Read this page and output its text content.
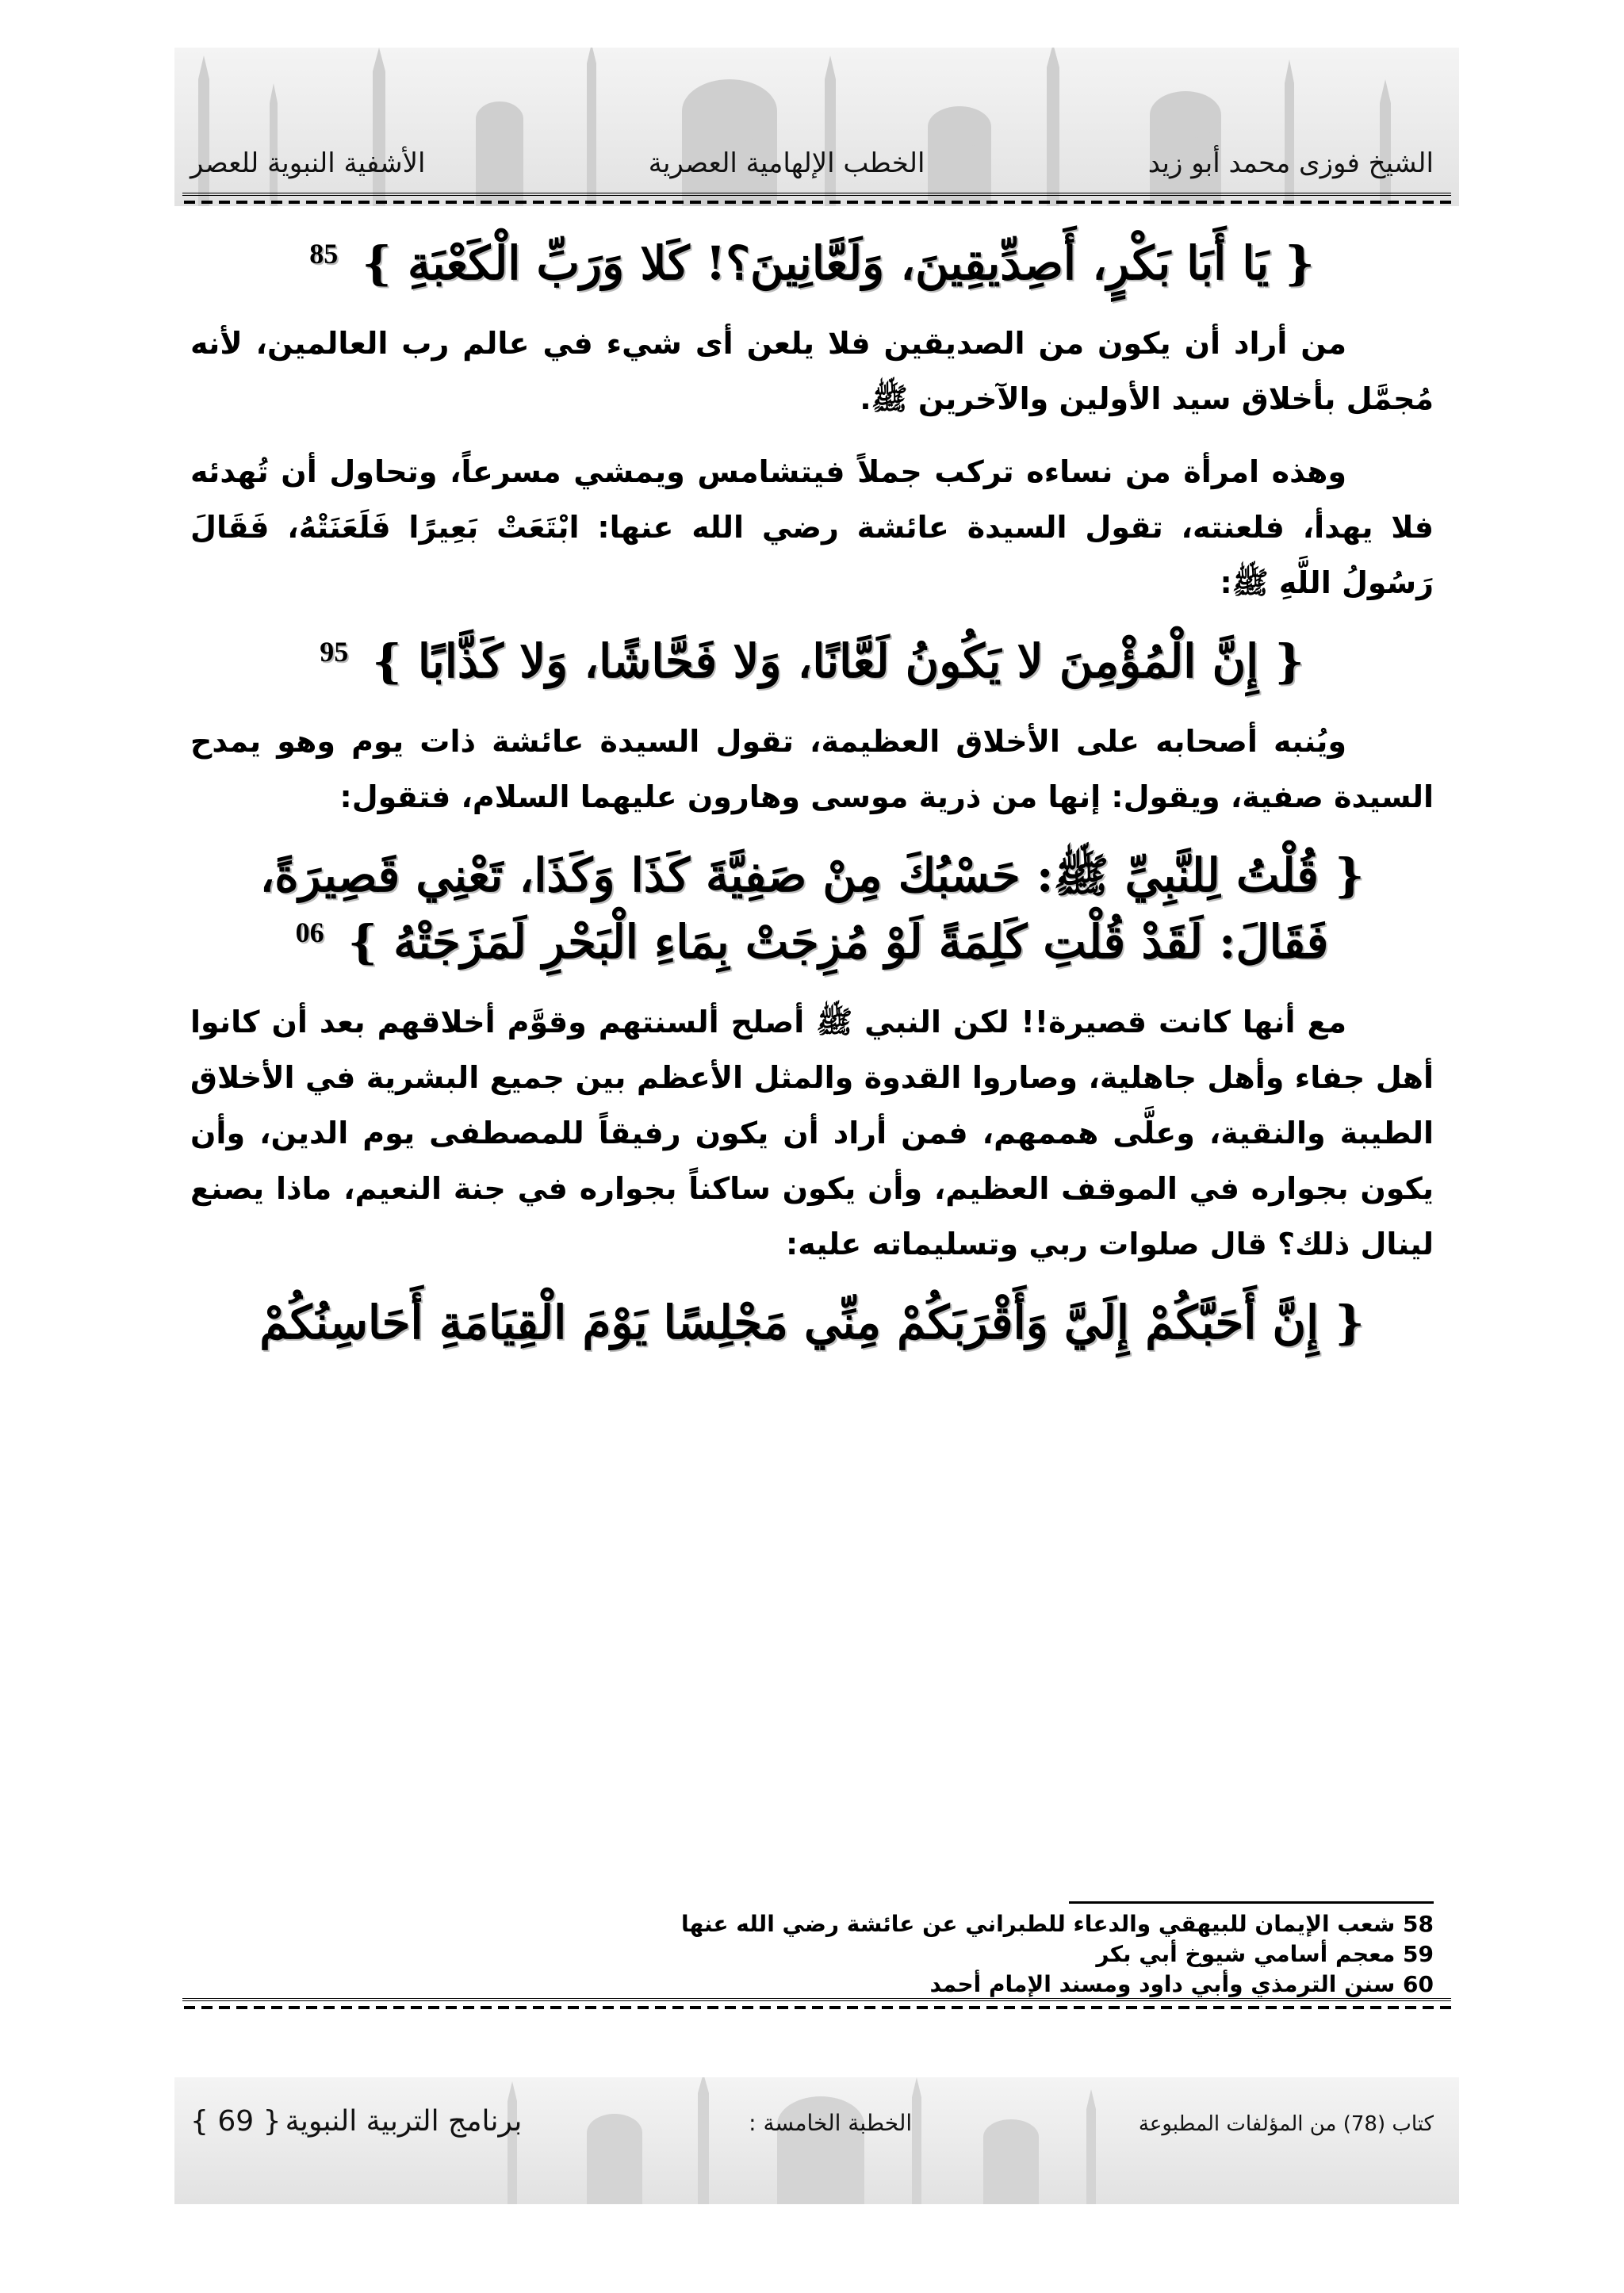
الشيخ فوزى محمد أبو زيد
الخطب الإلهامية العصرية
الأشفية النبوية للعصر
{ يَا أَبَا بَكْرٍ، أَصِدِّيقِينَ، وَلَعَّانِينَ؟! كَلا وَرَبِّ الْكَعْبَةِ } $^{85}$

من أراد أن يكون من الصديقين فلا يلعن أى شيء في عالم رب العالمين، لأنه مُجمَّل بأخلاق سيد الأولين والآخرين ﷺ.

وهذه امرأة من نساءه تركب جملاً فيتشامس ويمشي مسرعاً، وتحاول أن تُهدئه فلا يهدأ، فلعنته، تقول السيدة عائشة رضي الله عنها: ابْتَعَتْ بَعِيرًا فَلَعَنَتْهُ، فَقَالَ رَسُولُ اللَّهِ ﷺ:

{ إِنَّ الْمُؤْمِنَ لا يَكُونُ لَعَّانًا، وَلا فَحَّاشًا، وَلا كَذَّابًا } $^{95}$

ويُنبه أصحابه على الأخلاق العظيمة، تقول السيدة عائشة ذات يوم وهو يمدح السيدة صفية، ويقول: إنها من ذرية موسى وهارون عليهما السلام، فتقول:

{ قُلْتُ لِلنَّبِيِّ ﷺ: حَسْبُكَ مِنْ صَفِيَّةَ كَذَا وَكَذَا، تَعْنِي قَصِيرَةً،
فَقَالَ: لَقَدْ قُلْتِ كَلِمَةً لَوْ مُزِجَتْ بِمَاءِ الْبَحْرِ لَمَزَجَتْهُ } $^{06}$

مع أنها كانت قصيرة!! لكن النبي ﷺ أصلح ألسنتهم وقوَّم أخلاقهم بعد أن كانوا أهل جفاء وأهل جاهلية، وصاروا القدوة والمثل الأعظم بين جميع البشرية في الأخلاق الطيبة والنقية، وعلَّى هممهم، فمن أراد أن يكون رفيقاً للمصطفى يوم الدين، وأن يكون بجواره في الموقف العظيم، وأن يكون ساكناً بجواره في جنة النعيم، ماذا يصنع لينال ذلك؟ قال صلوات ربي وتسليماته عليه:

{ إِنَّ أَحَبَّكُمْ إِلَيَّ وَأَقْرَبَكُمْ مِنِّي مَجْلِسًا يَوْمَ الْقِيَامَةِ أَحَاسِنُكُمْ
58 شعب الإيمان للبيهقي والدعاء للطبراني عن عائشة رضي الله عنها
59 معجم أسامي شيوخ أبي بكر
60 سنن الترمذي وأبي داود ومسند الإمام أحمد
كتاب (78) من المؤلفات المطبوعة
الخطبة الخامسة :
برنامج التربية النبوية { 69 }
